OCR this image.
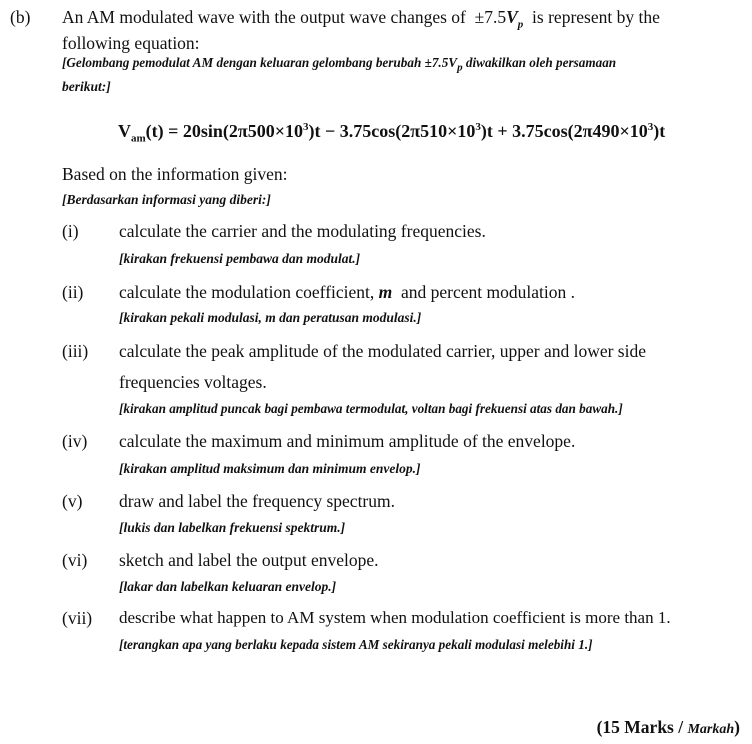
(b) An AM modulated wave with the output wave changes of $\pm 7.5V_p$ is represent by the
following equation:
[Gelombang pemodulat AM dengan keluaran gelombang berubah $\pm 7.5V_p$ diwakilkan oleh persamaan
berikut:]
$V_{am}(t) = 20\sin(2\pi 500\times 10^3)t - 3.75\cos(2\pi 510\times 10^3)t + 3.75\cos(2\pi 490\times 10^3)t$
Based on the information given:
[Berdasarkan informasi yang diberi:]
(i) calculate the carrier and the modulating frequencies.
[kirakan frekuensi pembawa dan modulat.]
(ii) calculate the modulation coefficient, m and percent modulation .
[kirakan pekali modulasi, m dan peratusan modulasi.]
(iii) calculate the peak amplitude of the modulated carrier, upper and lower side
frequencies voltages.
[kirakan amplitud puncak bagi pembawa termodulat, voltan bagi frekuensi atas dan bawah.]
(iv) calculate the maximum and minimum amplitude of the envelope.
[kirakan amplitud maksimum dan minimum envelop.]
(v) draw and label the frequency spectrum.
[lukis dan labelkan frekuensi spektrum.]
(vi) sketch and label the output envelope.
[lakar dan labelkan keluaran envelop.]
(vii) describe what happen to AM system when modulation coefficient is more than 1.
[terangkan apa yang berlaku kepada sistem AM sekiranya pekali modulasi melebihi 1.]
(15 Marks / Markah)
